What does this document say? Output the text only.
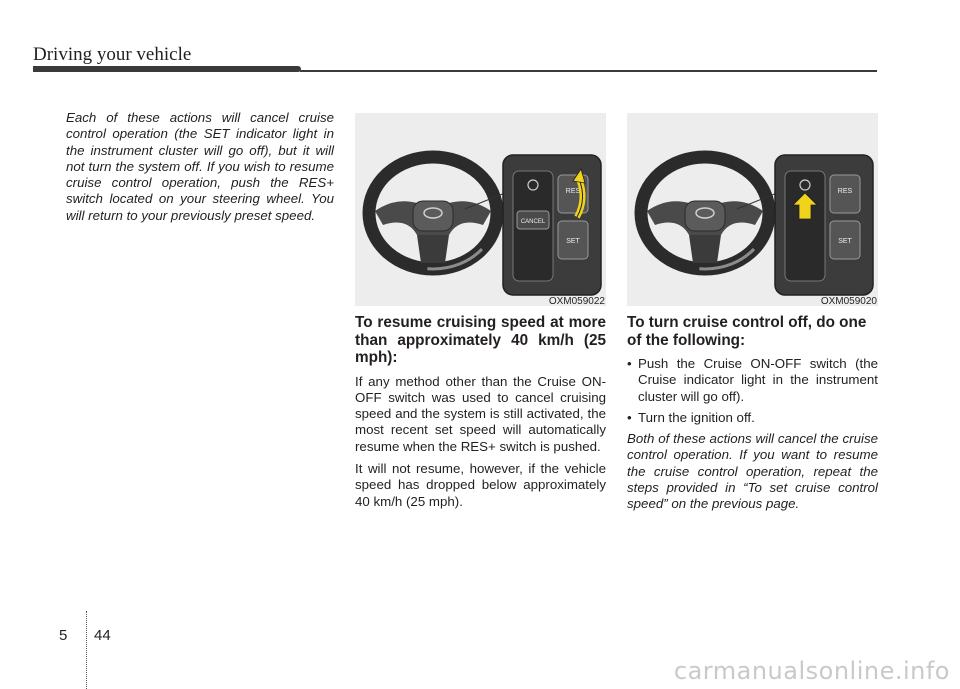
Driving your vehicle

Each of these actions will cancel cruise control operation (the SET indicator light in the instrument cluster will go off), but it will not turn the system off. If you wish to resume cruise control operation, push the RES+ switch located on your steering wheel. You will return to your previously preset speed.

RES
CANCEL
SET
OXM059022
RES
SET
OXM059020
To resume cruising speed at more than approximately 40 km/h (25 mph):

If any method other than the Cruise ON-OFF switch was used to cancel cruising speed and the system is still activated, the most recent set speed will automatically resume when the RES+ switch is pushed.

It will not resume, however, if the vehicle speed has dropped below approximately 40 km/h (25 mph).

To turn cruise control off, do one of the following:
• Push the Cruise ON-OFF switch (the Cruise indicator light in the instrument cluster will go off).
• Turn the ignition off.

Both of these actions will cancel the cruise control operation. If you want to resume the cruise control operation, repeat the steps provided in “To set cruise control speed” on the previous page.

5 44
carmanualsonline.info
